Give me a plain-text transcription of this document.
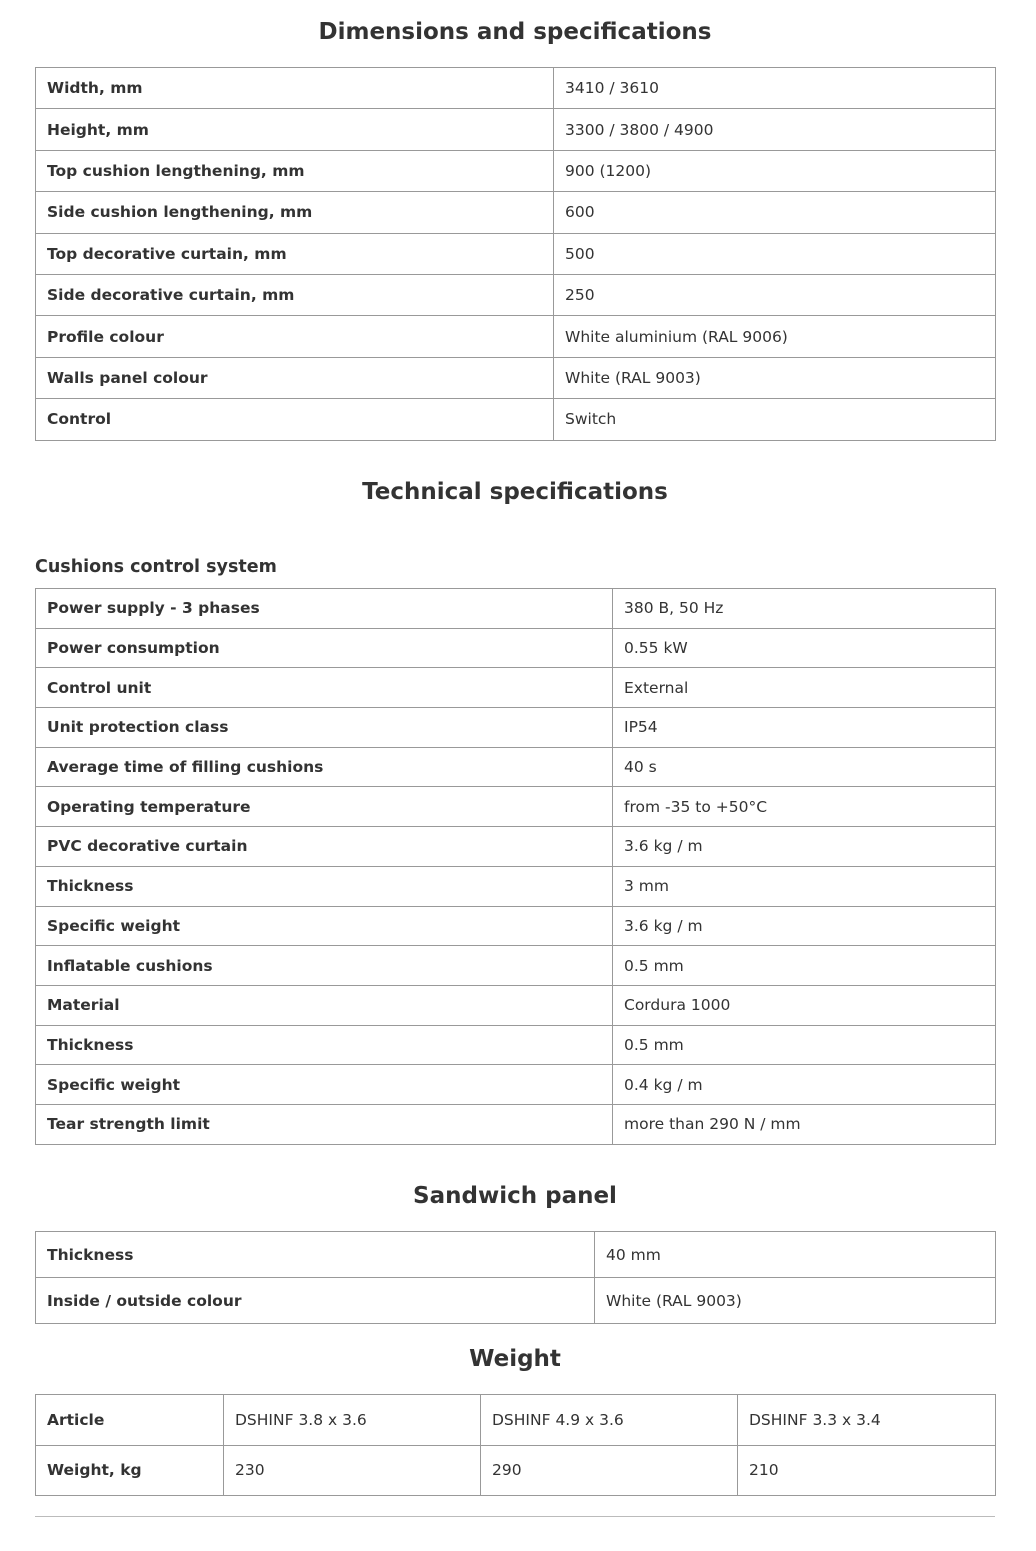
Dimensions and specifications
Width, mm	3410 / 3610
Height, mm	3300 / 3800 / 4900
Top cushion lengthening, mm	900 (1200)
Side cushion lengthening, mm	600
Top decorative curtain, mm	500
Side decorative curtain, mm	250
Profile colour	White aluminium (RAL 9006)
Walls panel colour	White (RAL 9003)
Control	Switch
Technical specifications
Cushions control system
Power supply - 3 phases	380 B, 50 Hz
Power consumption	0.55 kW
Control unit	External
Unit protection class	IP54
Average time of filling cushions	40 s
Operating temperature	from -35 to +50°C
PVC decorative curtain	3.6 kg / m
Thickness	3 mm
Specific weight	3.6 kg / m
Inflatable cushions	0.5 mm
Material	Cordura 1000
Thickness	0.5 mm
Specific weight	0.4 kg / m
Tear strength limit	more than 290 N / mm
Sandwich panel
Thickness	40 mm
Inside / outside colour	White (RAL 9003)
Weight
Article	DSHINF 3.8 x 3.6	DSHINF 4.9 x 3.6	DSHINF 3.3 x 3.4
Weight, kg	230	290	210
